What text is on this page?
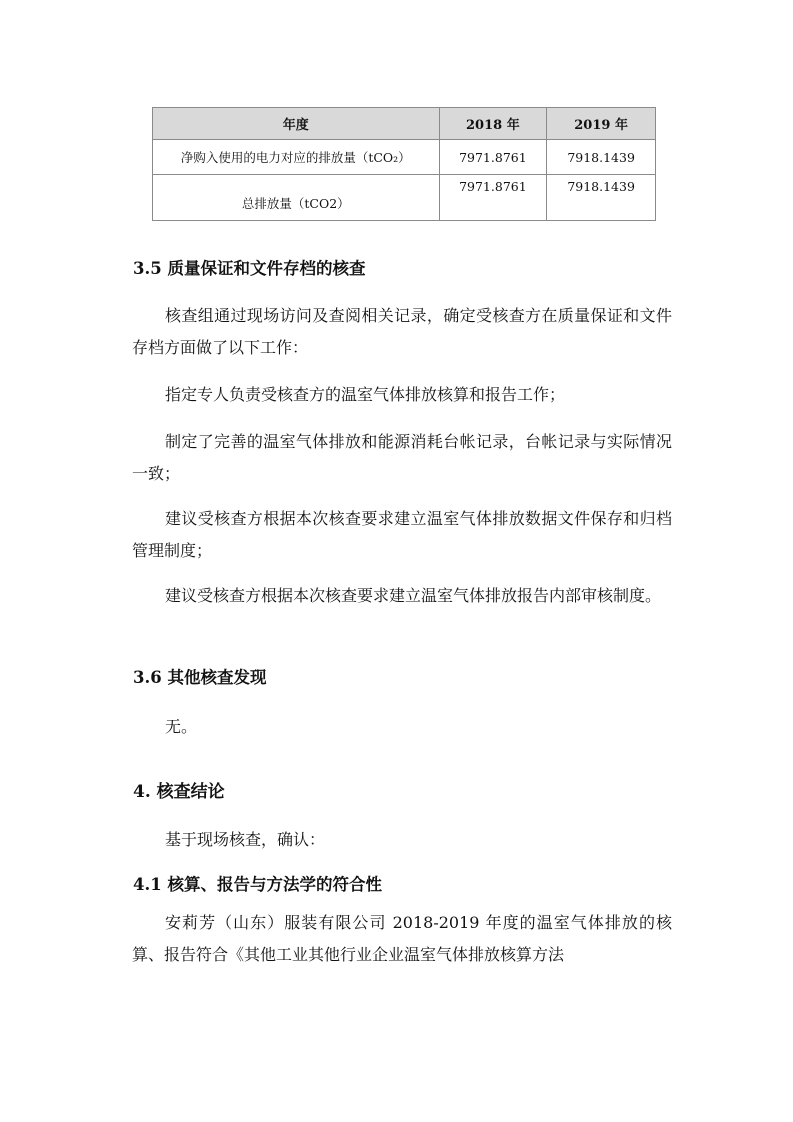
年度	2018 年	2019 年
净购入使用的电力对应的排放量（tCO₂）	7971.8761	7918.1439
总排放量（tCO2）	7971.8761	7918.1439
3.5 质量保证和文件存档的核查

核查组通过现场访问及查阅相关记录，确定受核查方在质量保证和文件存档方面做了以下工作：

指定专人负责受核查方的温室气体排放核算和报告工作；

制定了完善的温室气体排放和能源消耗台帐记录，台帐记录与实际情况一致；

建议受核查方根据本次核查要求建立温室气体排放数据文件保存和归档管理制度；

建议受核查方根据本次核查要求建立温室气体排放报告内部审核制度。

3.6 其他核查发现

无。

4. 核查结论

基于现场核查，确认：

4.1 核算、报告与方法学的符合性

安莉芳（山东）服装有限公司 2018-2019 年度的温室气体排放的核算、报告符合《其他工业其他行业企业温室气体排放核算方法
